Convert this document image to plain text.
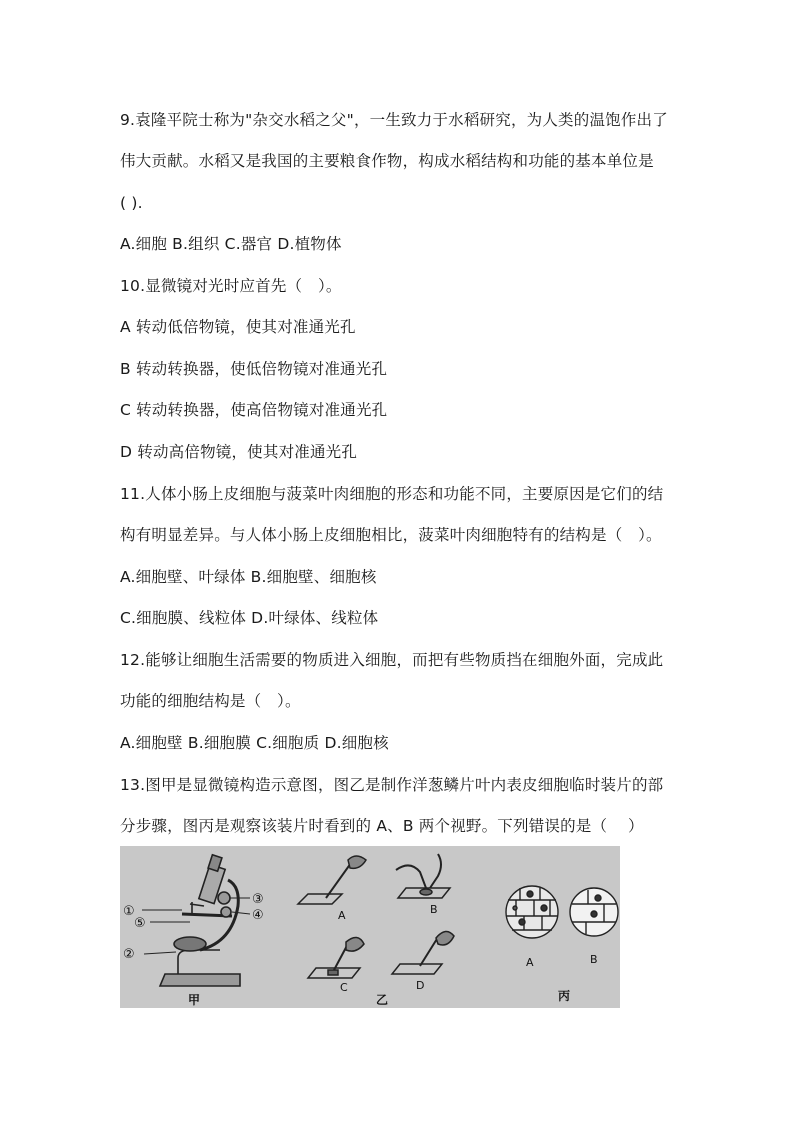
9.袁隆平院士称为"杂交水稻之父"，一生致力于水稻研究，为人类的温饱作出了
伟大贡献。水稻又是我国的主要粮食作物，构成水稻结构和功能的基本单位是
( ).
A.细胞 B.组织 C.器官 D.植物体
10.显微镜对光时应首先（　）。
A 转动低倍物镜，使其对准通光孔
B 转动转换器，使低倍物镜对准通光孔
C 转动转换器，使高倍物镜对准通光孔
D 转动高倍物镜，使其对准通光孔
11.人体小肠上皮细胞与菠菜叶肉细胞的形态和功能不同，主要原因是它们的结
构有明显差异。与人体小肠上皮细胞相比，菠菜叶肉细胞特有的结构是（　）。
A.细胞壁、叶绿体 B.细胞壁、细胞核
C.细胞膜、线粒体 D.叶绿体、线粒体
12.能够让细胞生活需要的物质进入细胞，而把有些物质挡在细胞外面，完成此
功能的细胞结构是（　）。
A.细胞壁 B.细胞膜 C.细胞质 D.细胞核
13.图甲是显微镜构造示意图，图乙是制作洋葱鳞片叶内表皮细胞临时装片的部
分步骤，图丙是观察该装片时看到的 A、B 两个视野。下列错误的是（　 ）
①
②
③
④
⑤
甲
A	B
C	D
乙
A	B
丙
